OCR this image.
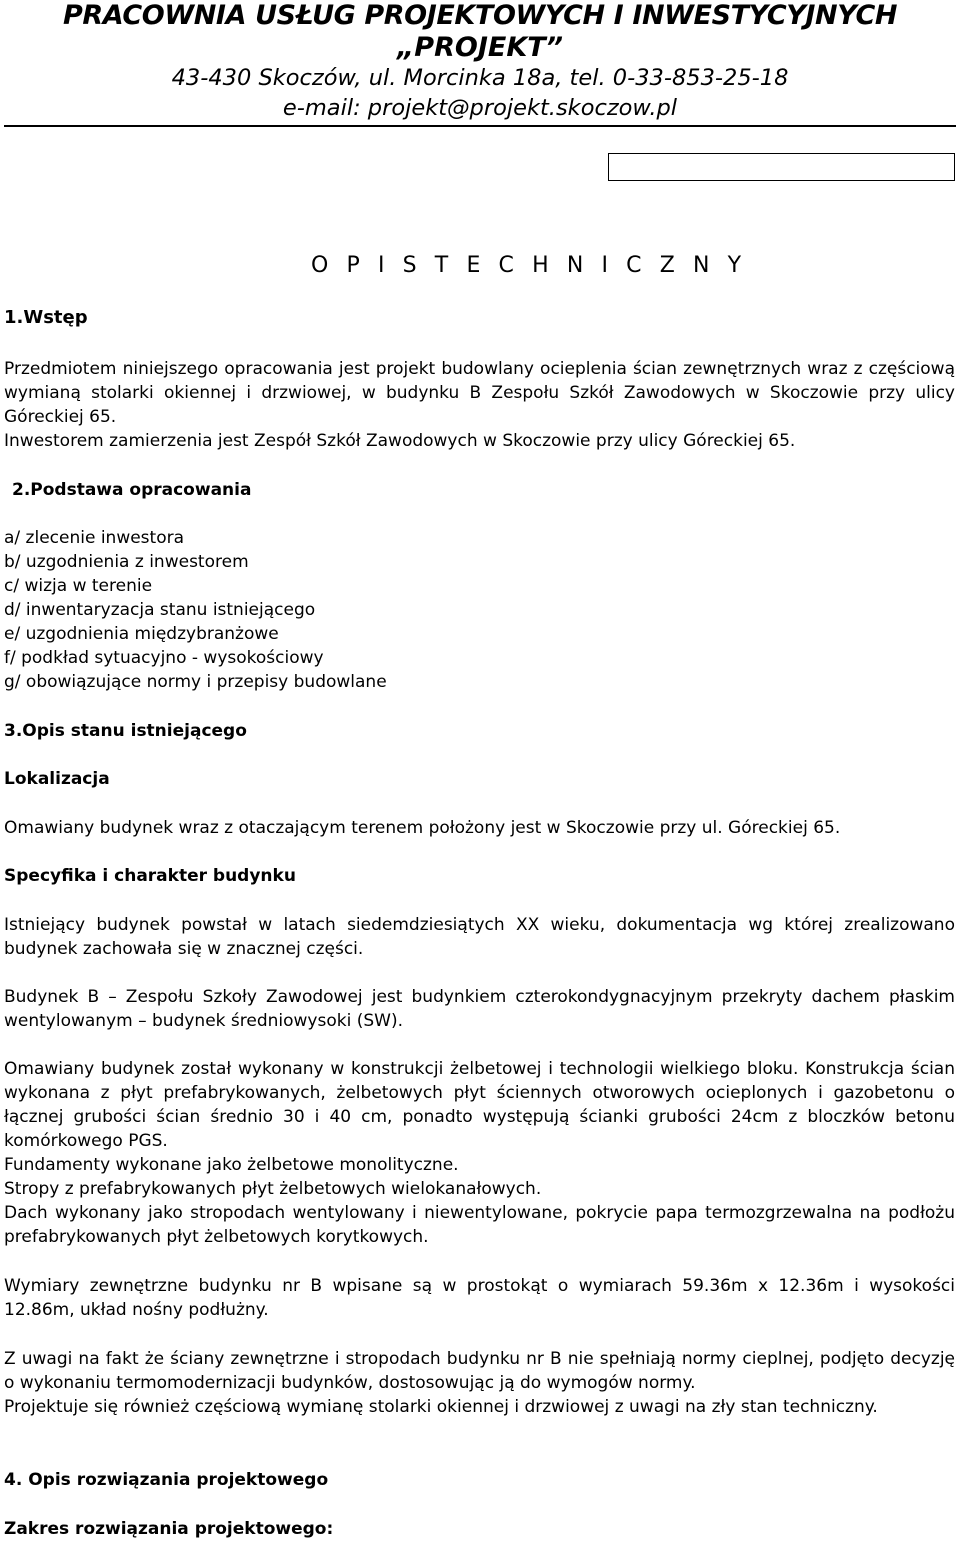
PRACOWNIA USŁUG PROJEKTOWYCH I INWESTYCYJNYCH
„PROJEKT”
43-430 Skoczów, ul. Morcinka 18a, tel. 0-33-853-25-18
e-mail: projekt@projekt.skoczow.pl
O P I S T E C H N I C Z N Y
1.Wstęp

Przedmiotem niniejszego opracowania jest projekt budowlany ocieplenia ścian zewnętrznych wraz z częściową wymianą stolarki okiennej i drzwiowej, w budynku B Zespołu Szkół Zawodowych w Skoczowie przy ulicy Góreckiej 65.

Inwestorem zamierzenia jest Zespół Szkół Zawodowych w Skoczowie przy ulicy Góreckiej 65.

2.Podstawa opracowania
a/ zlecenie inwestora
b/ uzgodnienia z inwestorem
c/ wizja w terenie
d/ inwentaryzacja stanu istniejącego
e/ uzgodnienia międzybranżowe
f/ podkład sytuacyjno - wysokościowy
g/ obowiązujące normy i przepisy budowlane
3.Opis stanu istniejącego
Lokalizacja

Omawiany budynek wraz z otaczającym terenem położony jest w Skoczowie przy ul. Góreckiej 65.

Specyfika i charakter budynku

Istniejący budynek powstał w latach siedemdziesiątych XX wieku, dokumentacja wg której zrealizowano budynek zachowała się w znacznej części.

Budynek B – Zespołu Szkoły Zawodowej jest budynkiem czterokondygnacyjnym przekryty dachem płaskim wentylowanym – budynek średniowysoki (SW).

Omawiany budynek został wykonany w konstrukcji żelbetowej i technologii wielkiego bloku. Konstrukcja ścian wykonana z płyt prefabrykowanych, żelbetowych płyt ściennych otworowych ocieplonych i gazobetonu o łącznej grubości ścian średnio 30 i 40 cm, ponadto występują ścianki grubości 24cm z bloczków betonu komórkowego PGS.
Fundamenty wykonane jako żelbetowe monolityczne.
Stropy z prefabrykowanych płyt żelbetowych wielokanałowych.
Dach wykonany jako stropodach wentylowany i niewentylowane, pokrycie papa termozgrzewalna na podłożu prefabrykowanych płyt żelbetowych korytkowych.

Wymiary zewnętrzne budynku nr B wpisane są w prostokąt o wymiarach 59.36m x 12.36m i wysokości 12.86m, układ nośny podłużny.

Z uwagi na fakt że ściany zewnętrzne i stropodach budynku nr B nie spełniają normy cieplnej, podjęto decyzję o wykonaniu termomodernizacji budynków, dostosowując ją do wymogów normy.
Projektuje się również częściową wymianę stolarki okiennej i drzwiowej z uwagi na zły stan techniczny.
4. Opis rozwiązania projektowego
Zakres rozwiązania projektowego:
